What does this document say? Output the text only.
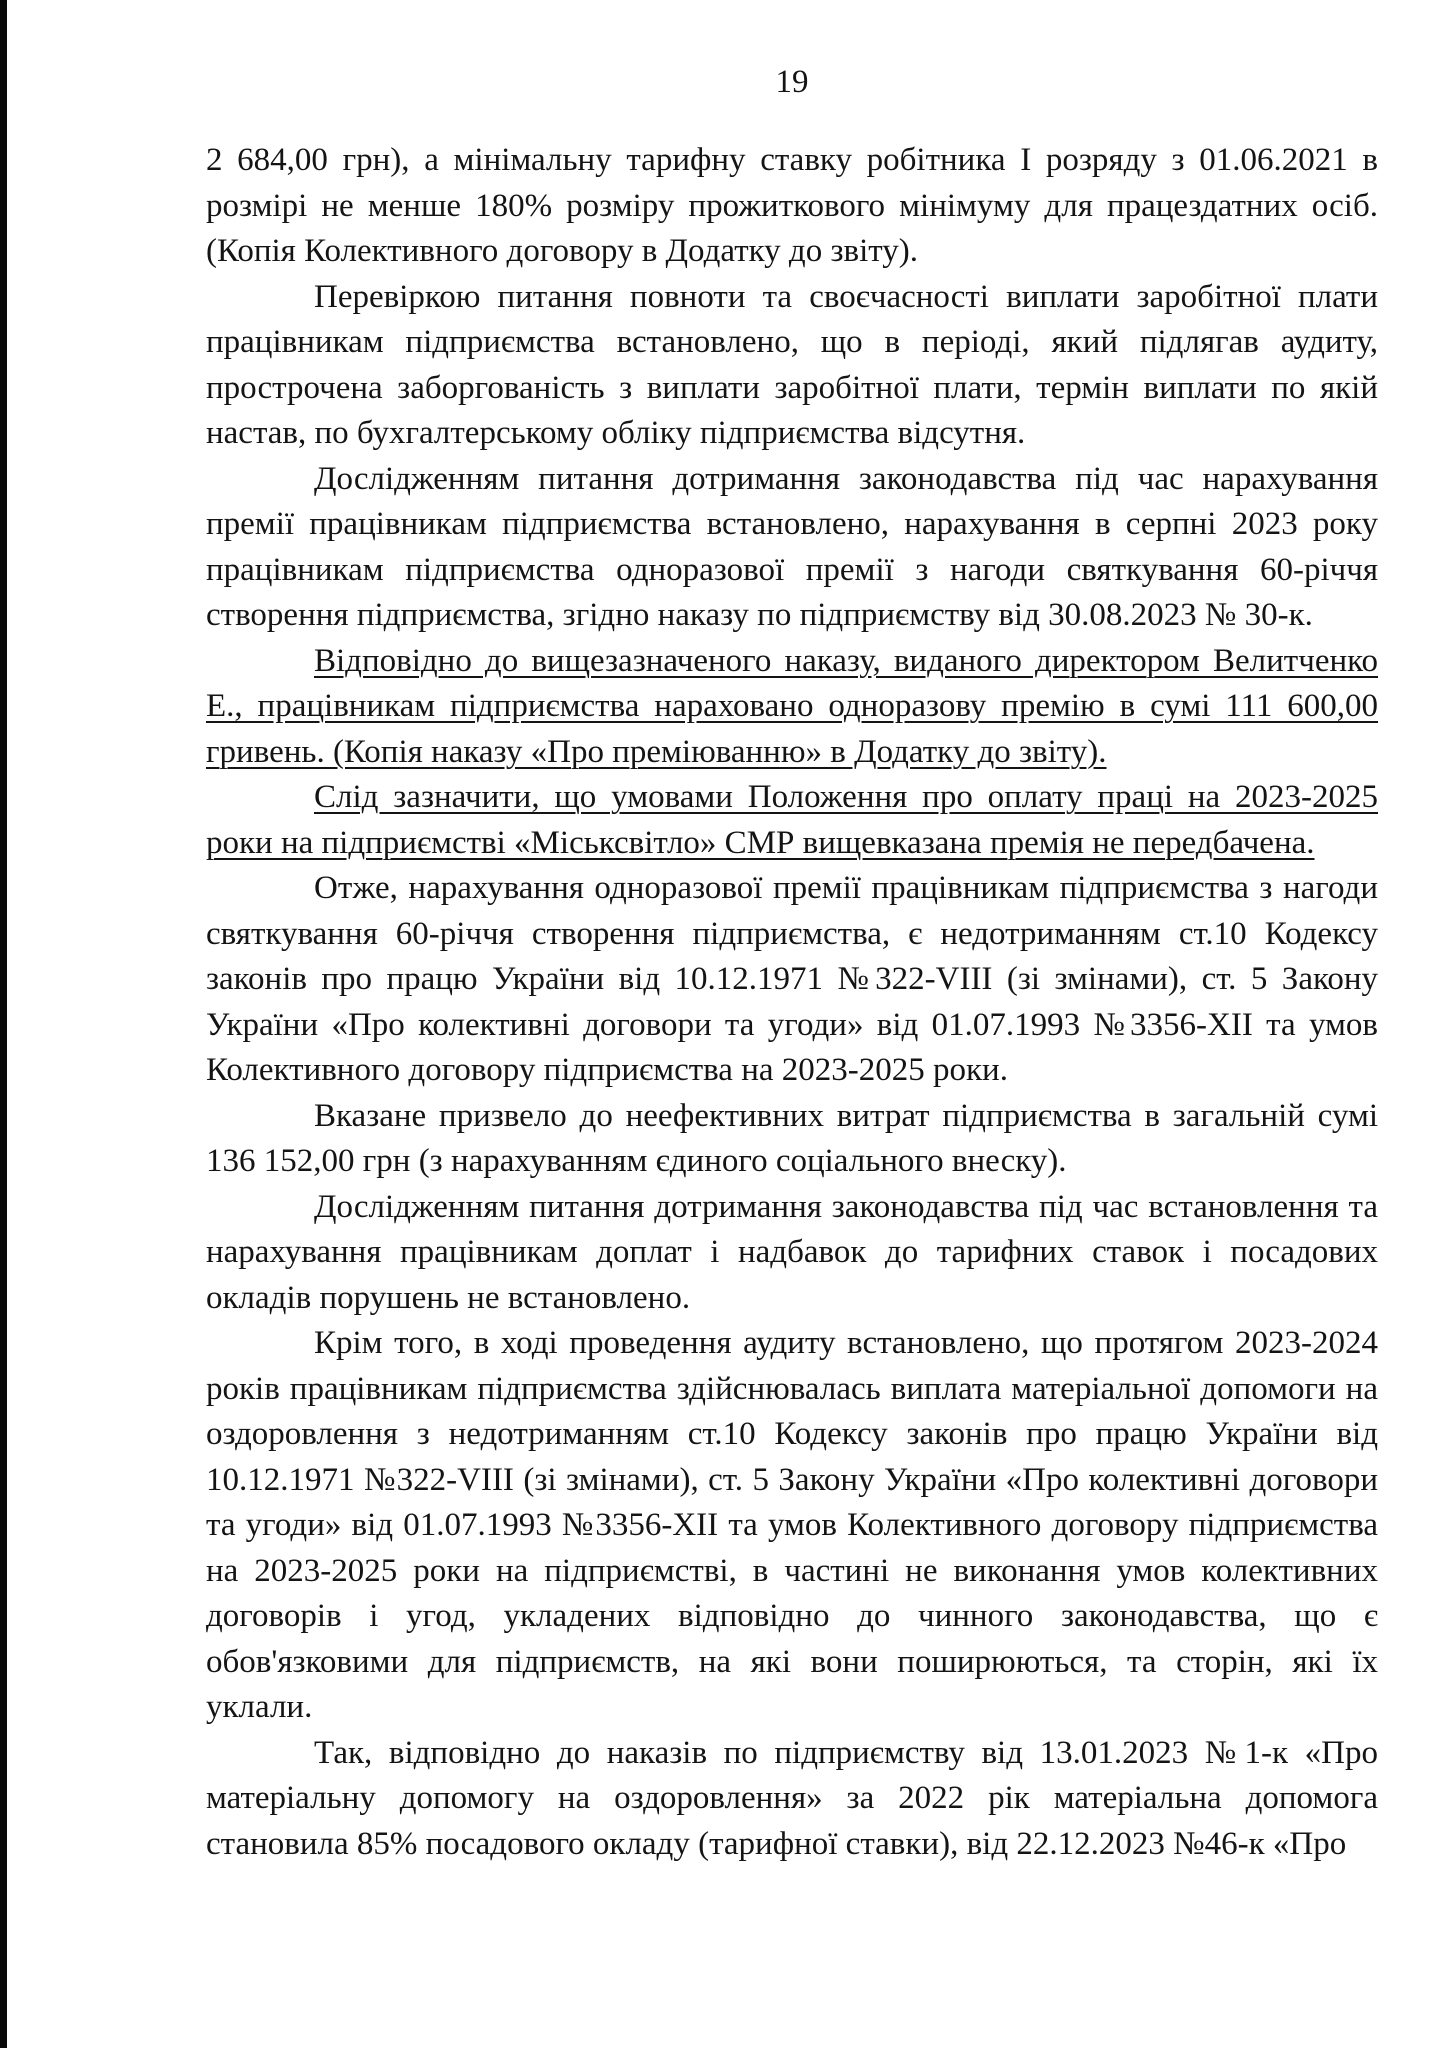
19

2 684,00 грн), а мінімальну тарифну ставку робітника І розряду з 01.06.2021 в розмірі не менше 180% розміру прожиткового мінімуму для працездатних осіб. (Копія Колективного договору в Додатку до звіту).

Перевіркою питання повноти та своєчасності виплати заробітної плати працівникам підприємства встановлено, що в періоді, який підлягав аудиту, прострочена заборгованість з виплати заробітної плати, термін виплати по якій настав, по бухгалтерському обліку підприємства відсутня.

Дослідженням питання дотримання законодавства під час нарахування премії працівникам підприємства встановлено, нарахування в серпні 2023 року працівникам підприємства одноразової премії з нагоди святкування 60-річчя створення підприємства, згідно наказу по підприємству від 30.08.2023 № 30-к.

Відповідно до вищезазначеного наказу, виданого директором Велитченко Е., працівникам підприємства нараховано одноразову премію в сумі 111 600,00 гривень. (Копія наказу «Про преміюванню» в Додатку до звіту).

Слід зазначити, що умовами Положення про оплату праці на 2023-2025 роки на підприємстві «Міськсвітло» СМР вищевказана премія не передбачена.

Отже, нарахування одноразової премії працівникам підприємства з нагоди святкування 60-річчя створення підприємства, є недотриманням ст.10 Кодексу законів про працю України від 10.12.1971 №322-VIII (зі змінами), ст. 5 Закону України «Про колективні договори та угоди» від 01.07.1993 №3356-XII та умов Колективного договору підприємства на 2023-2025 роки.

Вказане призвело до неефективних витрат підприємства в загальній сумі 136 152,00 грн (з нарахуванням єдиного соціального внеску).

Дослідженням питання дотримання законодавства під час встановлення та нарахування працівникам доплат і надбавок до тарифних ставок і посадових окладів порушень не встановлено.

Крім того, в ході проведення аудиту встановлено, що протягом 2023-2024 років працівникам підприємства здійснювалась виплата матеріальної допомоги на оздоровлення з недотриманням ст.10 Кодексу законів про працю України від 10.12.1971 №322-VIII (зі змінами), ст. 5 Закону України «Про колективні договори та угоди» від 01.07.1993 №3356-XII та умов Колективного договору підприємства на 2023-2025 роки на підприємстві, в частині не виконання умов колективних договорів і угод, укладених відповідно до чинного законодавства, що є обов'язковими для підприємств, на які вони поширюються, та сторін, які їх уклали.

Так, відповідно до наказів по підприємству від 13.01.2023 №1-к «Про матеріальну допомогу на оздоровлення» за 2022 рік матеріальна допомога становила 85% посадового окладу (тарифної ставки), від 22.12.2023 №46-к «Про
